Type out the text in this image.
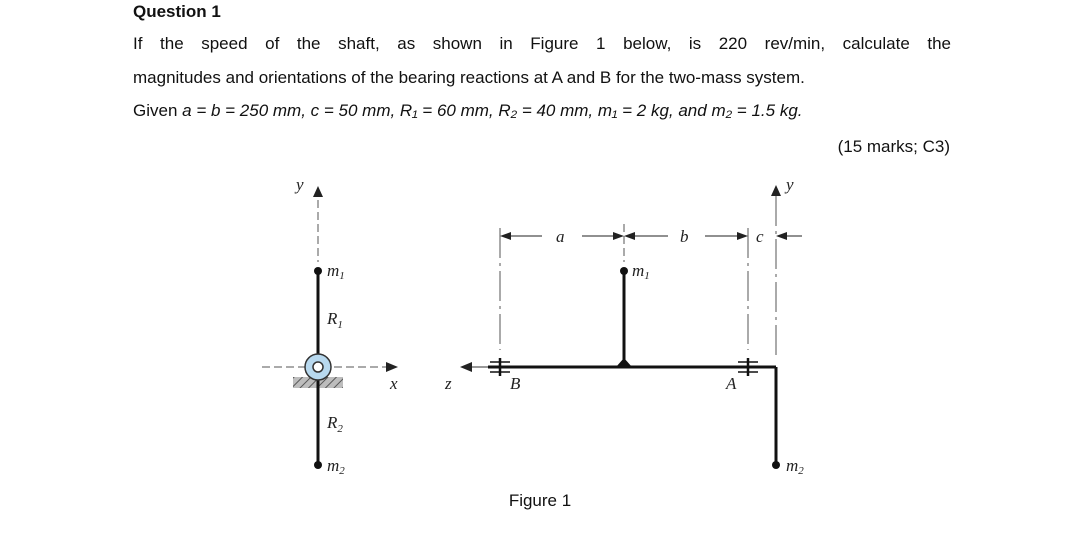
Question 1
If the speed of the shaft, as shown in Figure 1 below, is 220 rev/min, calculate the
magnitudes and orientations of the bearing reactions at A and B for the two-mass system.
Given a = b = 250 mm, c = 50 mm, R₁ = 60 mm, R₂ = 40 mm, m₁ = 2 kg, and m₂ = 1.5 kg.
(15 marks; C3)
y
x
m1
m2
$R_1$
$R_2$
z	B	A
m1
m2
y
a	b	c
Figure 1
